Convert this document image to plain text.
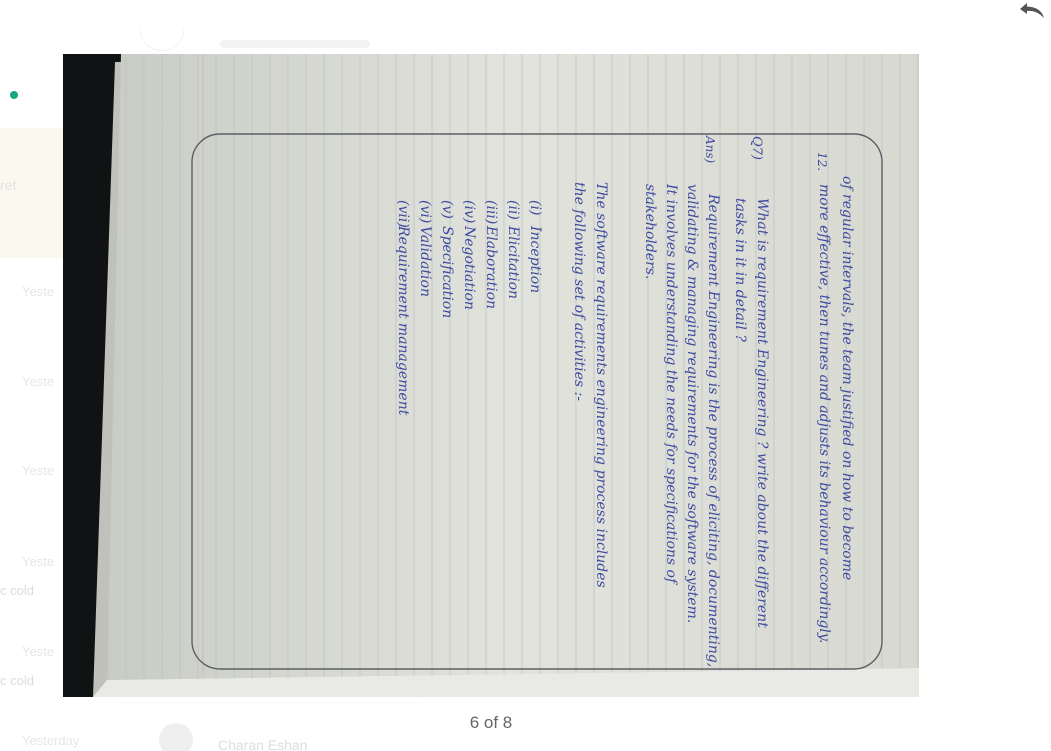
ret
Yeste
Yeste
Yeste
Yeste
Yeste
Yesterday
c cold
c cold
Charan Eshan
12.
of regular intervals, the team justified on how to become
more effective, then tunes and adjusts its behaviour accordingly.
Q7)
What is requirement Engineering ? write about the different
tasks in it in detail ?
Ans)
Requirement Engineering is the process of eliciting, documenting,
validating & managing requirements for the software system.
It involves understanding the needs for specifications of
stakeholders.
The software requirements engineering process includes
the following set of activities :-
(i)
Inception
(ii)
Elicitation
(iii)
Elaboration
(iv)
Negotiation
(v)
Specification
(vi)
Validation
(vii)
Requirement management
6 of 8
